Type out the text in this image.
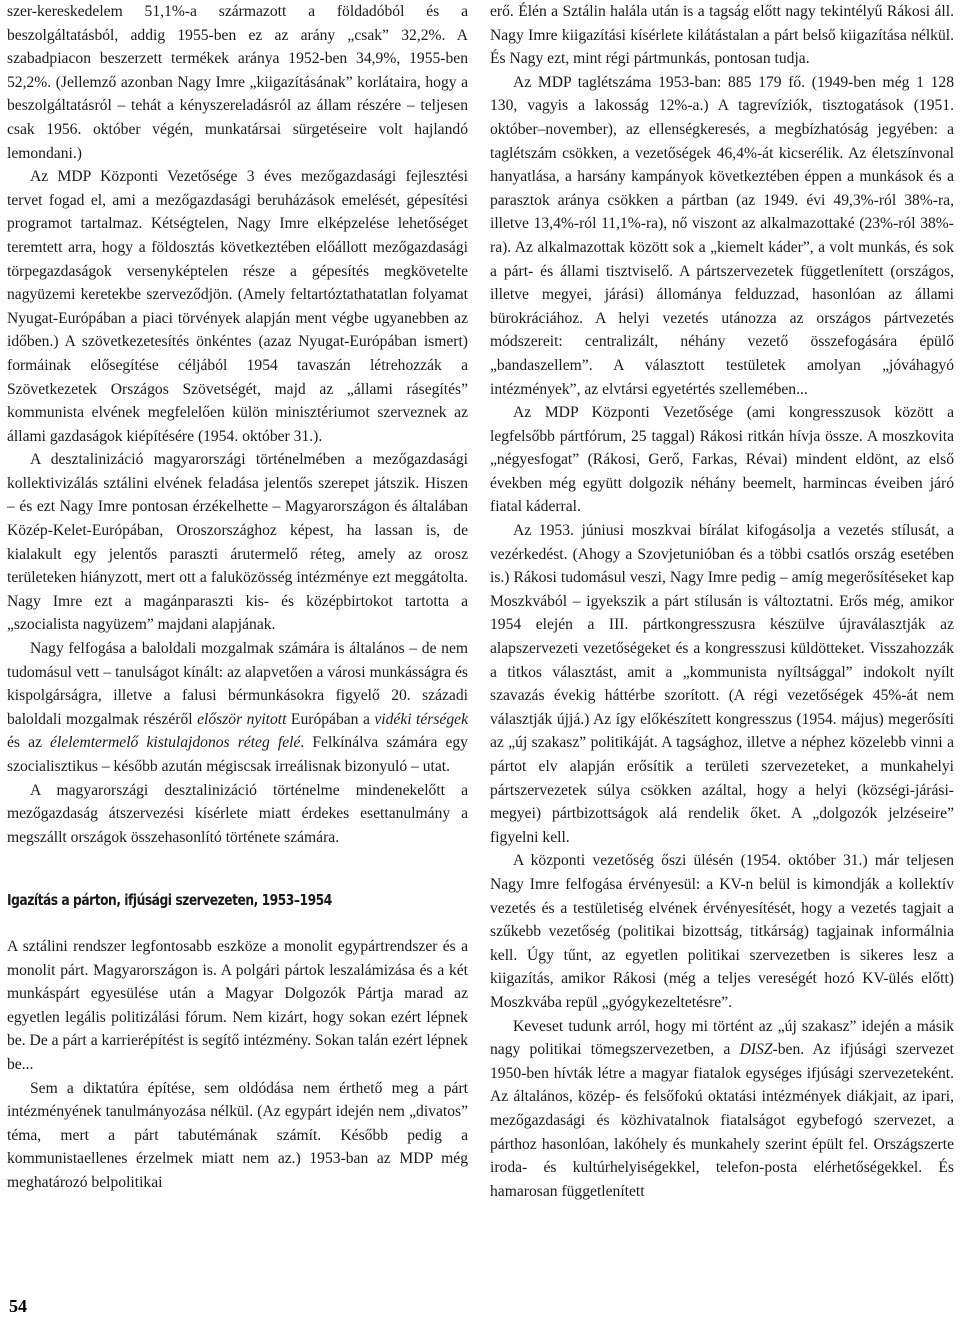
szer-kereskedelem 51,1%-a származott a földadóból és a beszolgáltatásból, addig 1955-ben ez az arány „csak” 32,2%. A szabadpiacon beszerzett termékek aránya 1952-ben 34,9%, 1955-ben 52,2%. (Jellemző azonban Nagy Imre „kiigazításának” korlátaira, hogy a beszolgáltatásról – tehát a kényszereladásról az állam részére – teljesen csak 1956. október végén, munkatársai sürgetéseire volt hajlandó lemondani.)

Az MDP Központi Vezetősége 3 éves mezőgazdasági fejlesztési tervet fogad el, ami a mezőgazdasági beruházások emelését, gépesítési programot tartalmaz. Kétségtelen, Nagy Imre elképzelése lehetőséget teremtett arra, hogy a földosztás következtében előállott mezőgazdasági törpegazdaságok versenyképtelen része a gépesítés megkövetelte nagyüzemi keretekbe szerveződjön. (Amely feltartóztathatatlan folyamat Nyugat-Európában a piaci törvények alapján ment végbe ugyanebben az időben.) A szövetkezetesítés önkéntes (azaz Nyugat-Európában ismert) formáinak elősegítése céljából 1954 tavaszán létrehozzák a Szövetkezetek Országos Szövetségét, majd az „állami rásegítés” kommunista elvének megfelelően külön minisztériumot szerveznek az állami gazdaságok kiépítésére (1954. október 31.).

A desztalinizáció magyarországi történelmében a mezőgazdasági kollektivizálás sztálini elvének feladása jelentős szerepet játszik. Hiszen – és ezt Nagy Imre pontosan érzékelhette – Magyarországon és általában Közép-Kelet-Európában, Oroszországhoz képest, ha lassan is, de kialakult egy jelentős paraszti árutermelő réteg, amely az orosz területeken hiányzott, mert ott a faluközösség intézménye ezt meggátolta. Nagy Imre ezt a magánparaszti kis- és középbirtokot tartotta a „szocialista nagyüzem” majdani alapjának.

Nagy felfogása a baloldali mozgalmak számára is általános – de nem tudomásul vett – tanulságot kínált: az alapvetően a városi munkásságra és kispolgárságra, illetve a falusi bérmunkásokra figyelő 20. századi baloldali mozgalmak részéről először nyitott Európában a vidéki térségek és az élelemtermelő kistulajdonos réteg felé. Felkínálva számára egy szocialisztikus – később azután mégiscsak irreálisnak bizonyuló – utat.

A magyarországi desztalinizáció történelme mindenekelőtt a mezőgazdaság átszervezési kísérlete miatt érdekes esettanulmány a megszállt országok összehasonlító története számára.

Igazítás a párton, ifjúsági szervezeten, 1953–1954

A sztálini rendszer legfontosabb eszköze a monolit egypártrendszer és a monolit párt. Magyarországon is. A polgári pártok leszalámizása és a két munkáspárt egyesülése után a Magyar Dolgozók Pártja marad az egyetlen legális politizálási fórum. Nem kizárt, hogy sokan ezért lépnek be. De a párt a karrierépítést is segítő intézmény. Sokan talán ezért lépnek be...

Sem a diktatúra építése, sem oldódása nem érthető meg a párt intézményének tanulmányozása nélkül. (Az egypárt idején nem „divatos” téma, mert a párt tabutémának számít. Később pedig a kommunistaellenes érzelmek miatt nem az.) 1953-ban az MDP még meghatározó belpolitikai

erő. Élén a Sztálin halála után is a tagság előtt nagy tekintélyű Rákosi áll. Nagy Imre kiigazítási kísérlete kilátástalan a párt belső kiigazítása nélkül. És Nagy ezt, mint régi pártmunkás, pontosan tudja.

Az MDP taglétszáma 1953-ban: 885 179 fő. (1949-ben még 1 128 130, vagyis a lakosság 12%-a.) A tagrevíziók, tisztogatások (1951. október–november), az ellenségkeresés, a megbízhatóság jegyében: a taglétszám csökken, a vezetőségek 46,4%-át kicserélik. Az életszínvonal hanyatlása, a harsány kampányok következtében éppen a munkások és a parasztok aránya csökken a pártban (az 1949. évi 49,3%-ról 38%-ra, illetve 13,4%-ról 11,1%-ra), nő viszont az alkalmazottaké (23%-ról 38%-ra). Az alkalmazottak között sok a „kiemelt káder”, a volt munkás, és sok a párt- és állami tisztviselő. A pártszervezetek függetlenített (országos, illetve megyei, járási) állománya felduzzad, hasonlóan az állami bürokráciához. A helyi vezetés utánozza az országos pártvezetés módszereit: centralizált, néhány vezető összefogására épülő „bandaszellem”. A választott testületek amolyan „jóváhagyó intézmények”, az elvtársi egyetértés szellemében...

Az MDP Központi Vezetősége (ami kongresszusok között a legfelsőbb pártfórum, 25 taggal) Rákosi ritkán hívja össze. A moszkovita „négyesfogat” (Rákosi, Gerő, Farkas, Révai) mindent eldönt, az első években még együtt dolgozik néhány beemelt, harmincas éveiben járó fiatal káderral.

Az 1953. júniusi moszkvai bírálat kifogásolja a vezetés stílusát, a vezérkedést. (Ahogy a Szovjetunióban és a többi csatlós ország esetében is.) Rákosi tudomásul veszi, Nagy Imre pedig – amíg megerősítéseket kap Moszkvából – igyekszik a párt stílusán is változtatni. Erős még, amikor 1954 elején a III. pártkongresszusra készülve újraválasztják az alapszervezeti vezetőségeket és a kongresszusi küldötteket. Visszahozzák a titkos választást, amit a „kommunista nyíltsággal” indokolt nyílt szavazás évekig háttérbe szorított. (A régi vezetőségek 45%-át nem választják újjá.) Az így előkészített kongresszus (1954. május) megerősíti az „új szakasz” politikáját. A tagsághoz, illetve a néphez közelebb vinni a pártot elv alapján erősítik a területi szervezeteket, a munkahelyi pártszervezetek súlya csökken azáltal, hogy a helyi (községi-járási-megyei) pártbizottságok alá rendelik őket. A „dolgozók jelzéseire” figyelni kell.

A központi vezetőség őszi ülésén (1954. október 31.) már teljesen Nagy Imre felfogása érvényesül: a KV-n belül is kimondják a kollektív vezetés és a testületiség elvének érvényesítését, hogy a vezetés tagjait a szűkebb vezetőség (politikai bizottság, titkárság) tagjainak informálnia kell. Úgy tűnt, az egyetlen politikai szervezetben is sikeres lesz a kiigazítás, amikor Rákosi (még a teljes vereségét hozó KV-ülés előtt) Moszkvába repül „gyógykezeltetésre”.

Keveset tudunk arról, hogy mi történt az „új szakasz” idején a másik nagy politikai tömegszervezetben, a DISZ-ben. Az ifjúsági szervezet 1950-ben hívták létre a magyar fiatalok egységes ifjúsági szervezeteként. Az általános, közép- és felsőfokú oktatási intézmények diákjait, az ipari, mezőgazdasági és közhivatalnok fiatalságot egybefogó szervezet, a párthoz hasonlóan, lakóhely és munkahely szerint épült fel. Országszerte iroda- és kultúrhelyiségekkel, telefon-posta elérhetőségekkel. És hamarosan függetlenített

54
